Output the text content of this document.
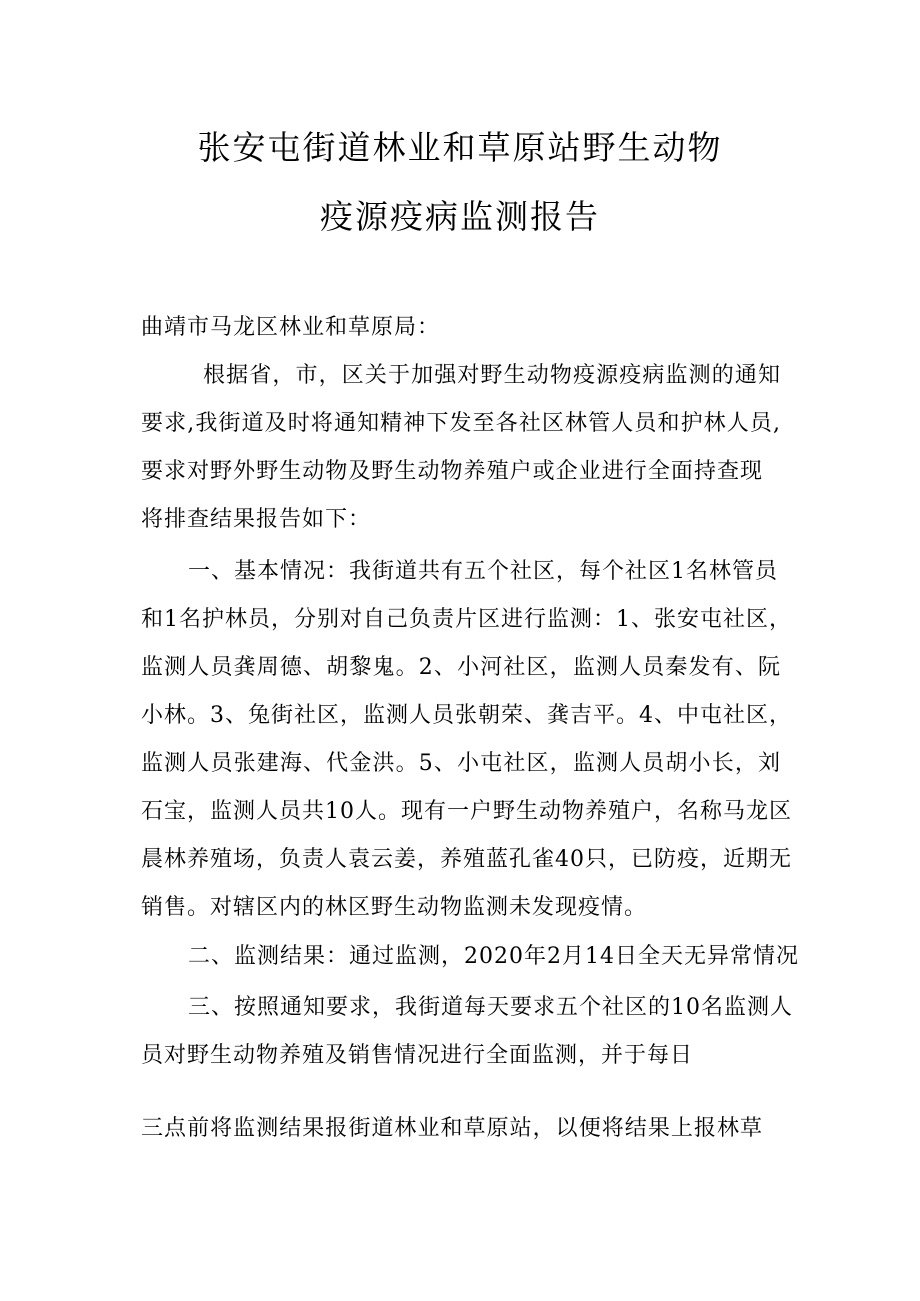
张安屯街道林业和草原站野生动物
疫源疫病监测报告
曲靖市马龙区林业和草原局：
根据省，市，区关于加强对野生动物疫源疫病监测的通知
要求,我街道及时将通知精神下发至各社区林管人员和护林人员,
要求对野外野生动物及野生动物养殖户或企业进行全面持查现
将排查结果报告如下：
一、基本情况：我街道共有五个社区，每个社区1名林管员
和1名护林员，分别对自己负责片区进行监测：1、张安屯社区，
监测人员龚周德、胡黎鬼。2、小河社区，监测人员秦发有、阮
小林。3、兔街社区，监测人员张朝荣、龚吉平。4、中屯社区，
监测人员张建海、代金洪。5、小屯社区，监测人员胡小长，刘
石宝，监测人员共10人。现有一户野生动物养殖户，名称马龙区
晨林养殖场，负责人袁云姜，养殖蓝孔雀40只，已防疫，近期无
销售。对辖区内的林区野生动物监测未发现疫情。
二、监测结果：通过监测，2020年2月14日全天无异常情况
三、按照通知要求，我街道每天要求五个社区的10名监测人
员对野生动物养殖及销售情况进行全面监测，并于每日
三点前将监测结果报街道林业和草原站，以便将结果上报林草
